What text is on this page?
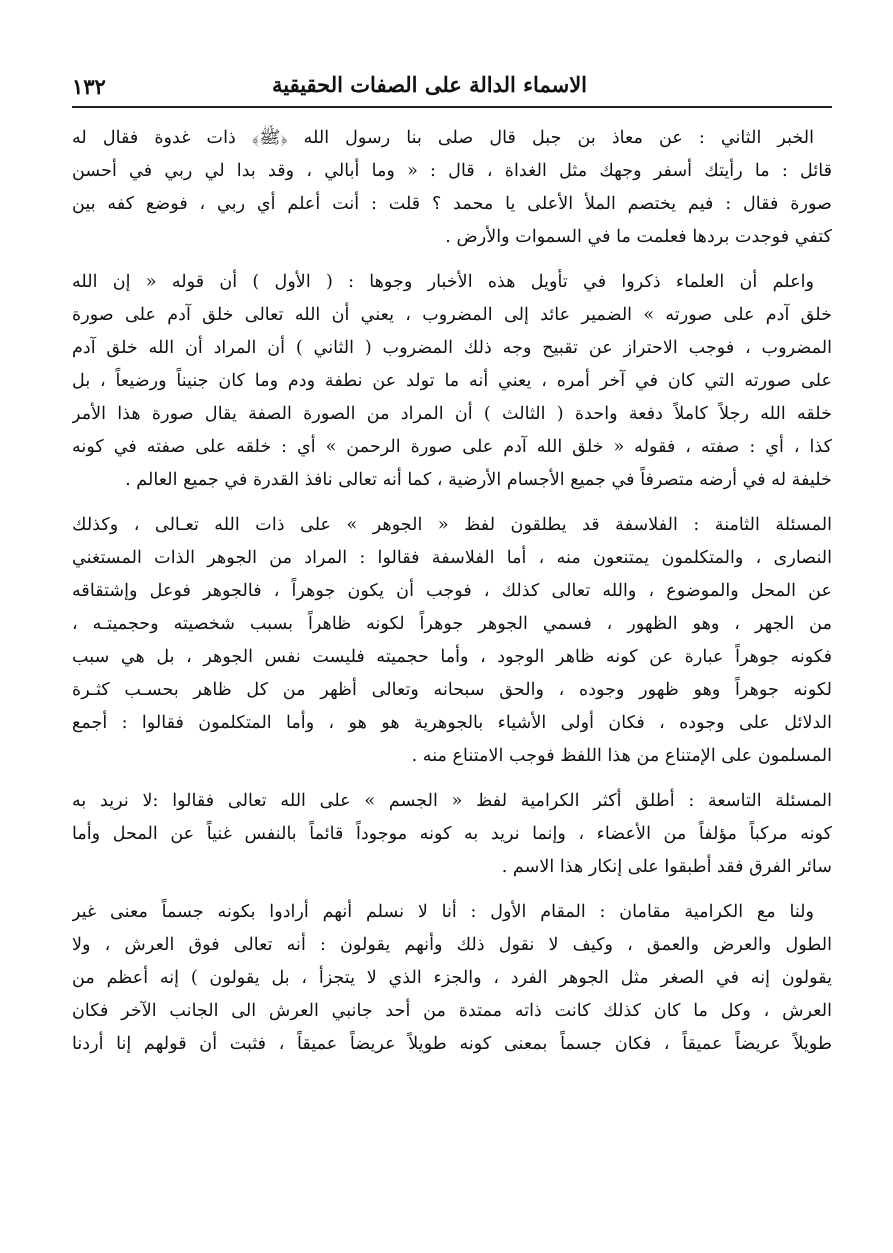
الاسماء الدالة على الصفات الحقيقية
١٣٢

الخبر الثاني : عن معاذ بن جبل قال صلى بنا رسول الله ﴿ﷺ﴾ ذات غدوة فقال له
قائل : ما رأيتك أسفر وجهك مثل الغداة ، قال : « وما أبالي ، وقد بدا لي ربي في أحسن
صورة فقال : فيم يختصم الملأ الأعلى يا محمد ؟ قلت : أنت أعلم أي ربي ، فوضع كفه بين
كتفي فوجدت بردها فعلمت ما في السموات والأرض .

واعلم أن العلماء ذكروا في تأويل هذه الأخبار وجوها : ( الأول ) أن قوله « إن الله
خلق آدم على صورته » الضمير عائد إلى المضروب ، يعني أن الله تعالى خلق آدم على صورة
المضروب ، فوجب الاحتراز عن تقبيح وجه ذلك المضروب ( الثاني ) أن المراد أن الله خلق آدم
على صورته التي كان في آخر أمره ، يعني أنه ما تولد عن نطفة ودم وما كان جنيناً ورضيعاً ، بل
خلقه الله رجلاً كاملاً دفعة واحدة ( الثالث ) أن المراد من الصورة الصفة يقال صورة هذا الأمر
كذا ، أي : صفته ، فقوله « خلق الله آدم على صورة الرحمن » أي : خلقه على صفته في كونه
خليفة له في أرضه متصرفاً في جميع الأجسام الأرضية ، كما أنه تعالى نافذ القدرة في جميع العالم .

المسئلة الثامنة : الفلاسفة قد يطلقون لفظ « الجوهر » على ذات الله تعـالى ، وكذلك
النصارى ، والمتكلمون يمتنعون منه ، أما الفلاسفة فقالوا : المراد من الجوهر الذات المستغني
عن المحل والموضوع ، والله تعالى كذلك ، فوجب أن يكون جوهراً ، فالجوهر فوعل وإشتقاقه
من الجهر ، وهو الظهور ، فسمي الجوهر جوهراً لكونه ظاهراً بسبب شخصيته وحجميتـه ،
فكونه جوهراً عبارة عن كونه ظاهر الوجود ، وأما حجميته فليست نفس الجوهر ، بل هي سبب
لكونه جوهراً وهو ظهور وجوده ، والحق سبحانه وتعالى أظهر من كل ظاهر بحسـب كثـرة
الدلائل على وجوده ، فكان أولى الأشياء بالجوهرية هو هو ، وأما المتكلمون فقالوا : أجمع
المسلمون على الإمتناع من هذا اللفظ فوجب الامتناع منه .

المسئلة التاسعة : أطلق أكثر الكرامية لفظ « الجسم » على الله تعالى فقالوا :لا نريد به
كونه مركباً مؤلفاً من الأعضاء ، وإنما نريد به كونه موجوداً قائماً بالنفس غنياً عن المحل وأما
سائر الفرق فقد أطبقوا على إنكار هذا الاسم .

ولنا مع الكرامية مقامان : المقام الأول : أنا لا نسلم أنهم أرادوا بكونه جسماً معنى غير
الطول والعرض والعمق ، وكيف لا نقول ذلك وأنهم يقولون : أنه تعالى فوق العرش ، ولا
يقولون إنه في الصغر مثل الجوهر الفرد ، والجزء الذي لا يتجزأ ، بل يقولون ) إنه أعظم من
العرش ، وكل ما كان كذلك كانت ذاته ممتدة من أحد جانبي العرش الى الجانب الآخر فكان
طويلاً عريضاً عميقاً ، فكان جسماً بمعنى كونه طويلاً عريضاً عميقاً ، فثبت أن قولهم إنا أردنا
